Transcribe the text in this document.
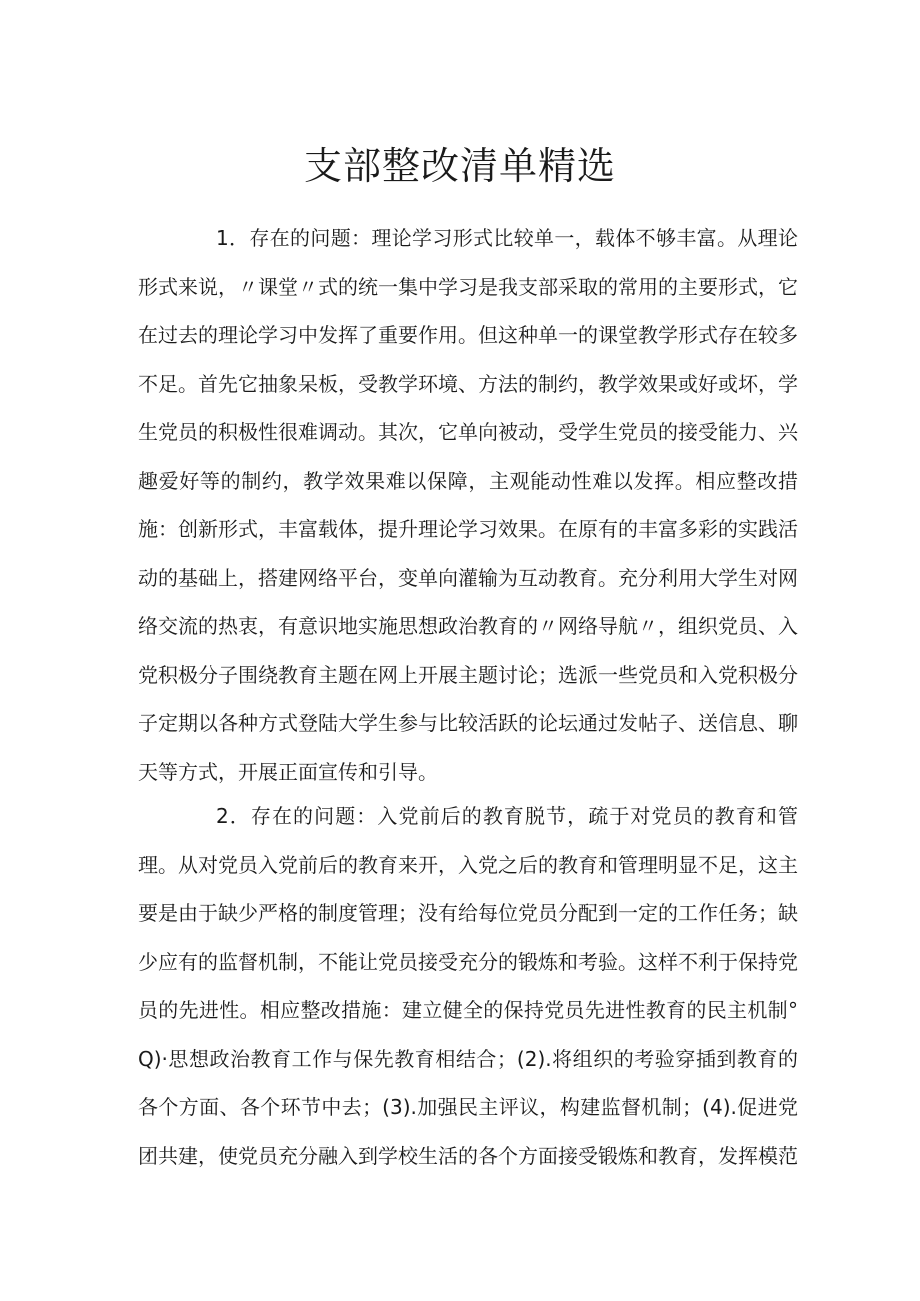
支部整改清单精选

1．存在的问题：理论学习形式比较单一，载体不够丰富。从理论形式来说，〃课堂〃式的统一集中学习是我支部采取的常用的主要形式，它在过去的理论学习中发挥了重要作用。但这种单一的课堂教学形式存在较多不足。首先它抽象呆板，受教学环境、方法的制约，教学效果或好或坏，学生党员的积极性很难调动。其次，它单向被动，受学生党员的接受能力、兴趣爱好等的制约，教学效果难以保障，主观能动性难以发挥。相应整改措施：创新形式，丰富载体，提升理论学习效果。在原有的丰富多彩的实践活动的基础上，搭建网络平台，变单向灌输为互动教育。充分利用大学生对网络交流的热衷，有意识地实施思想政治教育的〃网络导航〃，组织党员、入党积极分子围绕教育主题在网上开展主题讨论；选派一些党员和入党积极分子定期以各种方式登陆大学生参与比较活跃的论坛通过发帖子、送信息、聊天等方式，开展正面宣传和引导。

2．存在的问题：入党前后的教育脱节，疏于对党员的教育和管理。从对党员入党前后的教育来开，入党之后的教育和管理明显不足，这主要是由于缺少严格的制度管理；没有给每位党员分配到一定的工作任务；缺少应有的监督机制，不能让党员接受充分的锻炼和考验。这样不利于保持党员的先进性。相应整改措施：建立健全的保持党员先进性教育的民主机制°Q)·思想政治教育工作与保先教育相结合；(2).将组织的考验穿插到教育的各个方面、各个环节中去；(3).加强民主评议，构建监督机制；(4).促进党团共建，使党员充分融入到学校生活的各个方面接受锻炼和教育，发挥模范
